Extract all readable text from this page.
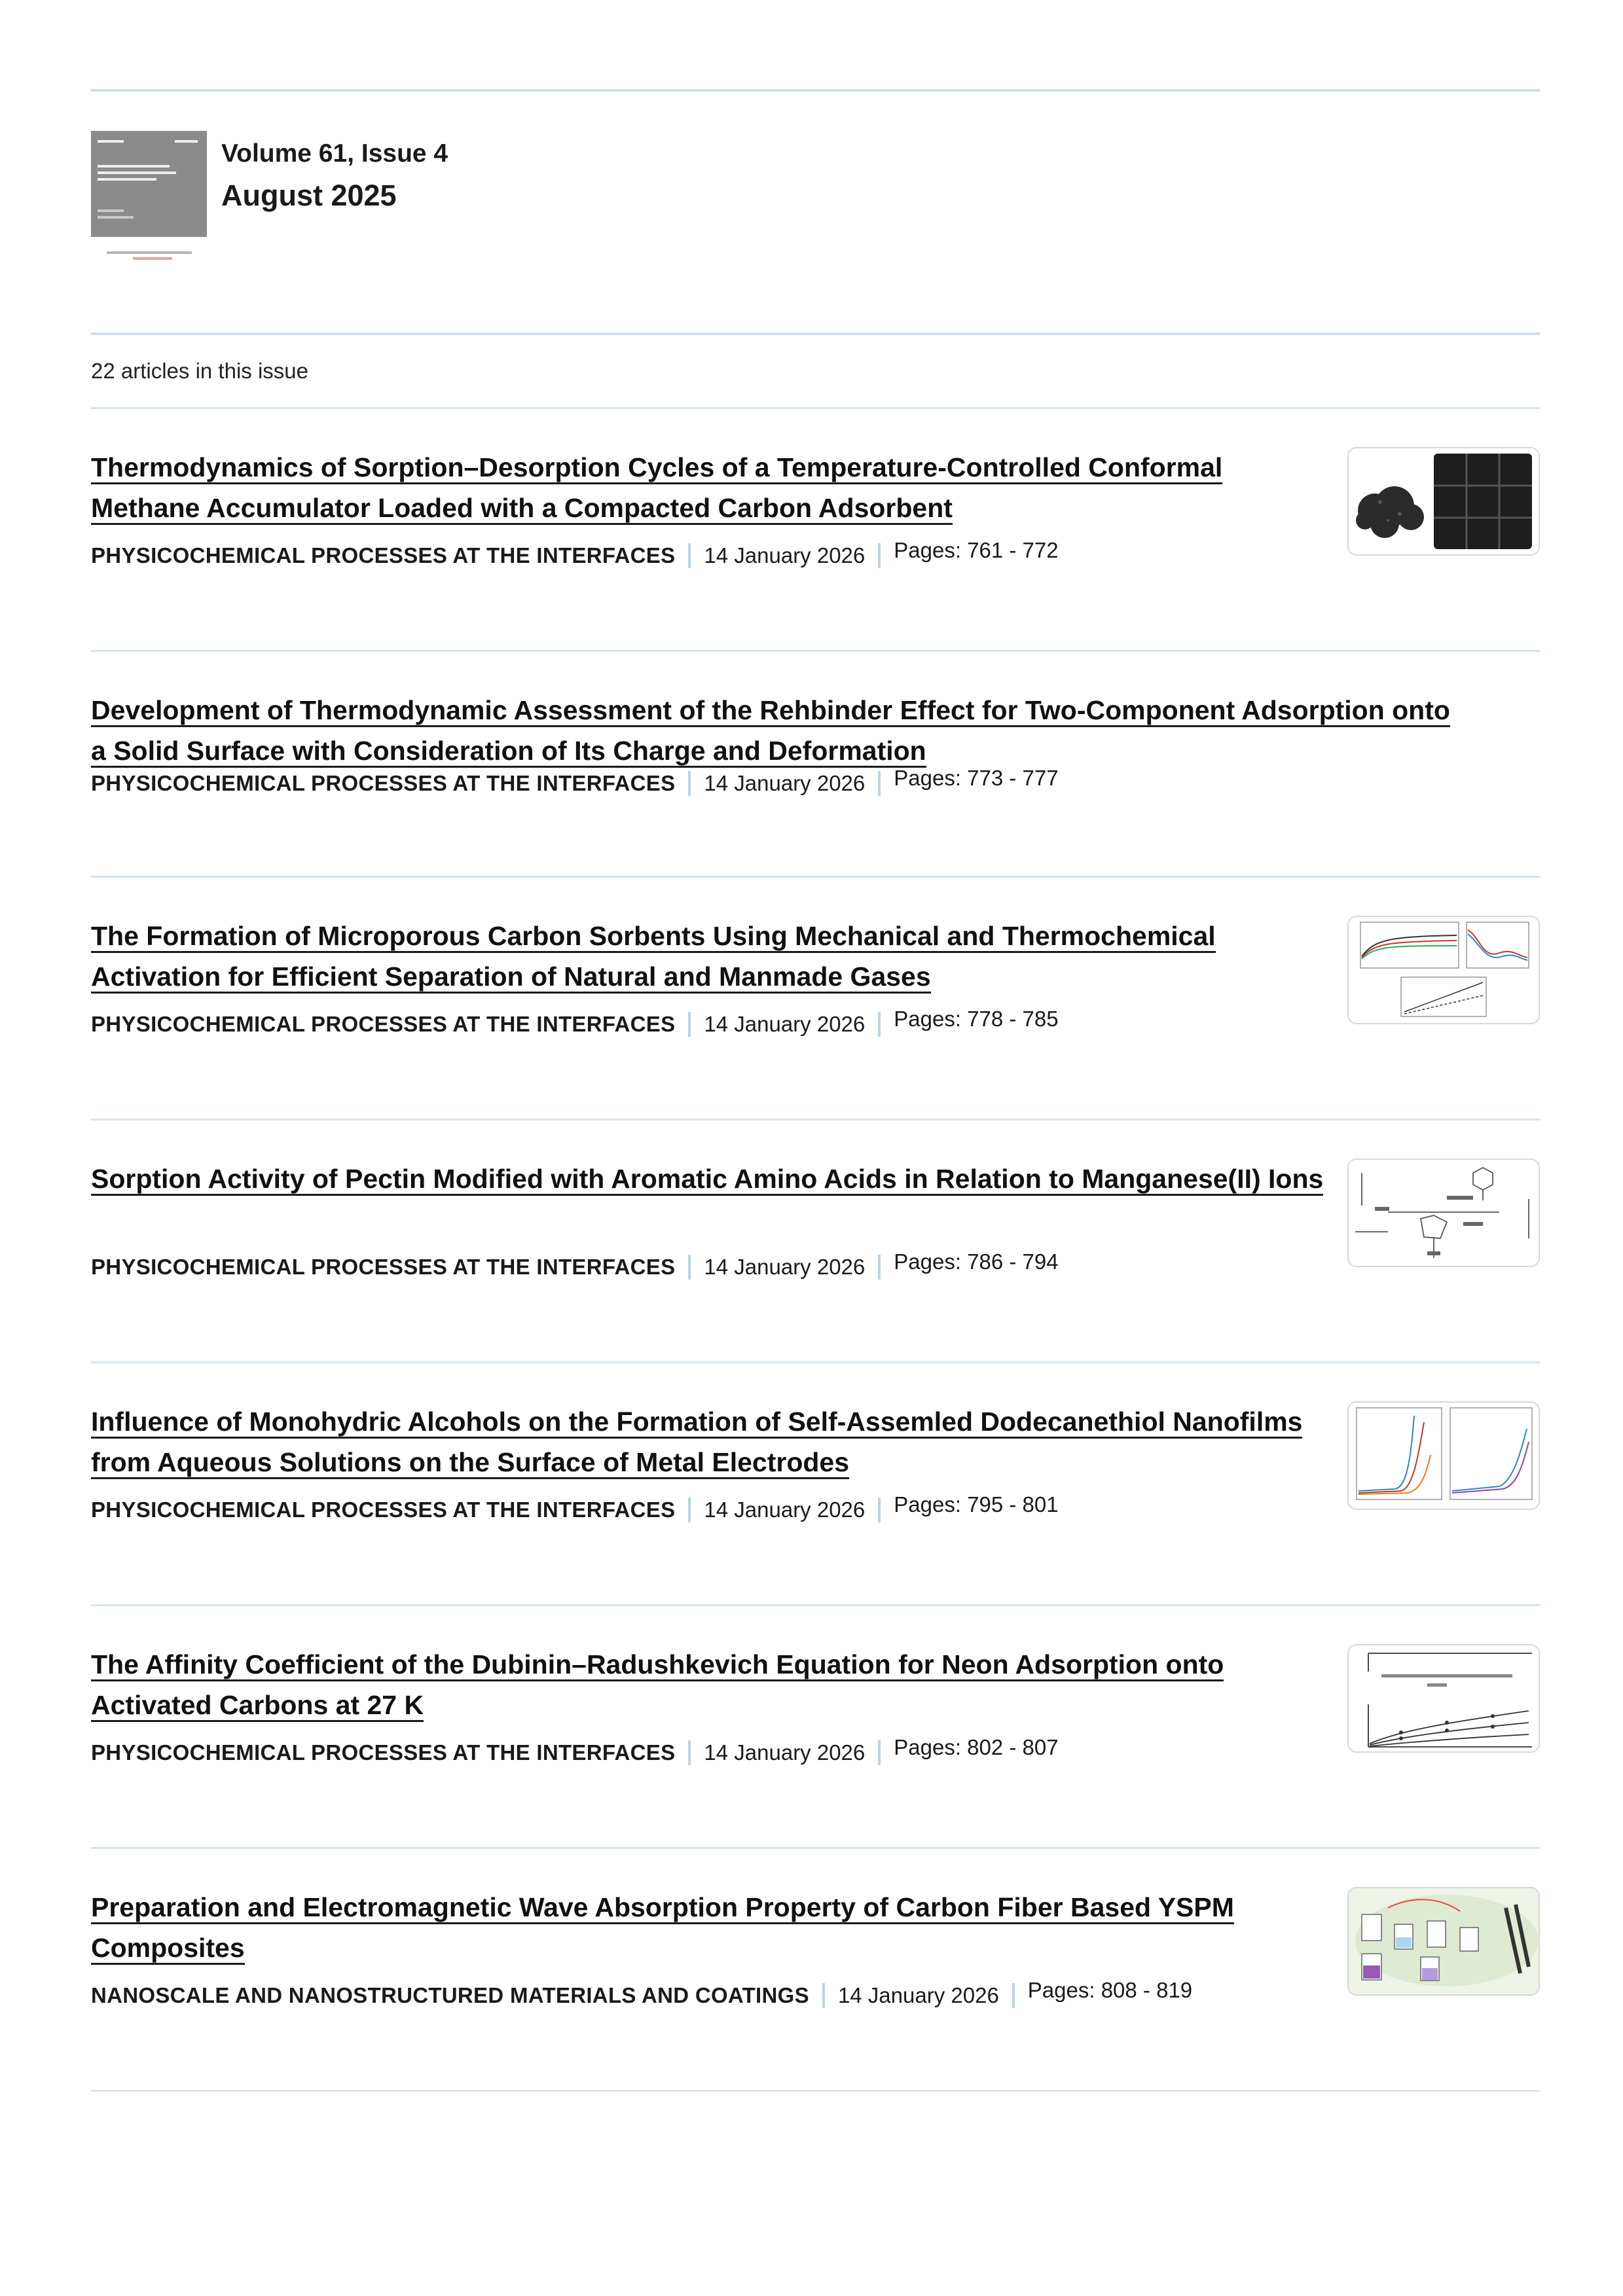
Volume 61, Issue 4
August 2025
22 articles in this issue
Thermodynamics of Sorption–Desorption Cycles of a Temperature-Controlled Conformal Methane Accumulator Loaded with a Compacted Carbon Adsorbent
PHYSICOCHEMICAL PROCESSES AT THE INTERFACES 14 January 2026 Pages: 761 - 772
Development of Thermodynamic Assessment of the Rehbinder Effect for Two-Component Adsorption onto a Solid Surface with Consideration of Its Charge and Deformation
PHYSICOCHEMICAL PROCESSES AT THE INTERFACES 14 January 2026 Pages: 773 - 777
The Formation of Microporous Carbon Sorbents Using Mechanical and Thermochemical Activation for Efficient Separation of Natural and Manmade Gases
PHYSICOCHEMICAL PROCESSES AT THE INTERFACES 14 January 2026 Pages: 778 - 785
Sorption Activity of Pectin Modified with Aromatic Amino Acids in Relation to Manganese(II) Ions
PHYSICOCHEMICAL PROCESSES AT THE INTERFACES 14 January 2026 Pages: 786 - 794
Influence of Monohydric Alcohols on the Formation of Self-Assemled Dodecanethiol Nanofilms from Aqueous Solutions on the Surface of Metal Electrodes
PHYSICOCHEMICAL PROCESSES AT THE INTERFACES 14 January 2026 Pages: 795 - 801
The Affinity Coefficient of the Dubinin–Radushkevich Equation for Neon Adsorption onto Activated Carbons at 27 K
PHYSICOCHEMICAL PROCESSES AT THE INTERFACES 14 January 2026 Pages: 802 - 807
Preparation and Electromagnetic Wave Absorption Property of Carbon Fiber Based YSPM Composites
NANOSCALE AND NANOSTRUCTURED MATERIALS AND COATINGS 14 January 2026 Pages: 808 - 819
